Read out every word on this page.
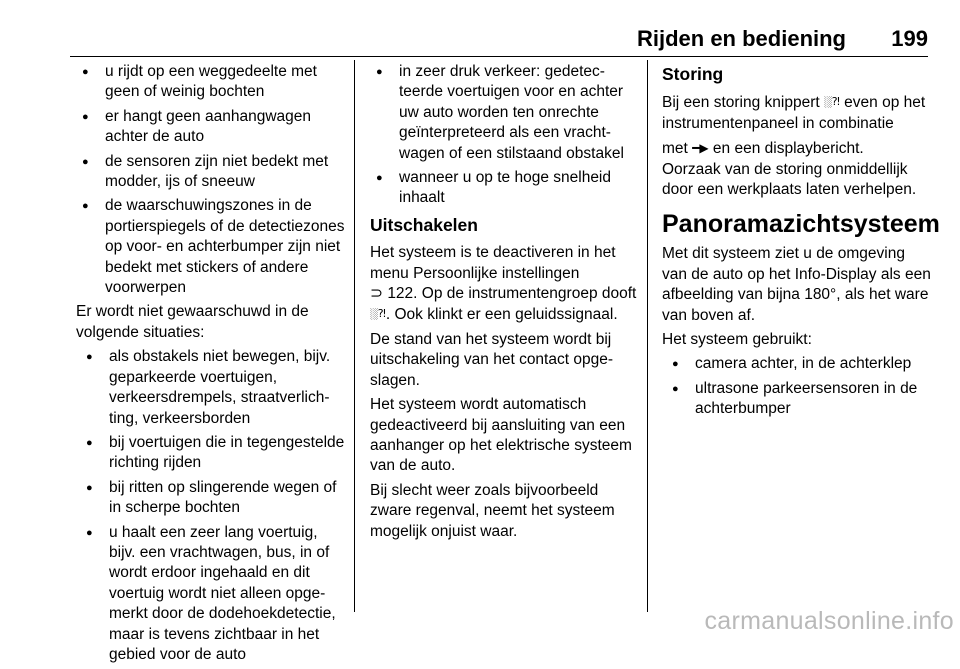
Rijden en bediening 199
● u rijdt op een weggedeelte met geen of weinig bochten
● er hangt geen aanhangwagen achter de auto
● de sensoren zijn niet bedekt met modder, ijs of sneeuw
● de waarschuwingszones in de portierspiegels of de detectiezones op voor- en achterbumper zijn niet bedekt met stickers of andere voorwerpen

Er wordt niet gewaarschuwd in de volgende situaties:

● als obstakels niet bewegen, bijv. geparkeerde voertuigen, verkeersdrempels, straatverlichting, verkeersborden
● bij voertuigen die in tegengestelde richting rijden
● bij ritten op slingerende wegen of in scherpe bochten
● u haalt een zeer lang voertuig, bijv. een vrachtwagen, bus, in of wordt erdoor ingehaald en dit voertuig wordt niet alleen opgemerkt door de dodehoekdetectie, maar is tevens zichtbaar in het gebied voor de auto
● in zeer druk verkeer: gedetecteerde voertuigen voor en achter uw auto worden ten onrechte geïnterpreteerd als een vrachtwagen of een stilstaand obstakel
● wanneer u op te hoge snelheid inhaalt
Uitschakelen

Het systeem is te deactiveren in het menu Persoonlijke instellingen
⊃ 122. Op de instrumentengroep dooft ░⁈. Ook klinkt er een geluidssignaal.

De stand van het systeem wordt bij uitschakeling van het contact opgeslagen.

Het systeem wordt automatisch gedeactiveerd bij aansluiting van een aanhanger op het elektrische systeem van de auto.

Bij slecht weer zoals bijvoorbeeld zware regenval, neemt het systeem mogelijk onjuist waar.

Storing

Bij een storing knippert ░⁈ even op het instrumentenpaneel in combinatie

met ━▶ en een displaybericht.
Oorzaak van de storing onmiddellijk door een werkplaats laten verhelpen.

Panoramazichtsysteem

Met dit systeem ziet u de omgeving van de auto op het Info-Display als een afbeelding van bijna 180°, als het ware van boven af.

Het systeem gebruikt:

● camera achter, in de achterklep
● ultrasone parkeersensoren in de achterbumper
carmanualsonline.info
